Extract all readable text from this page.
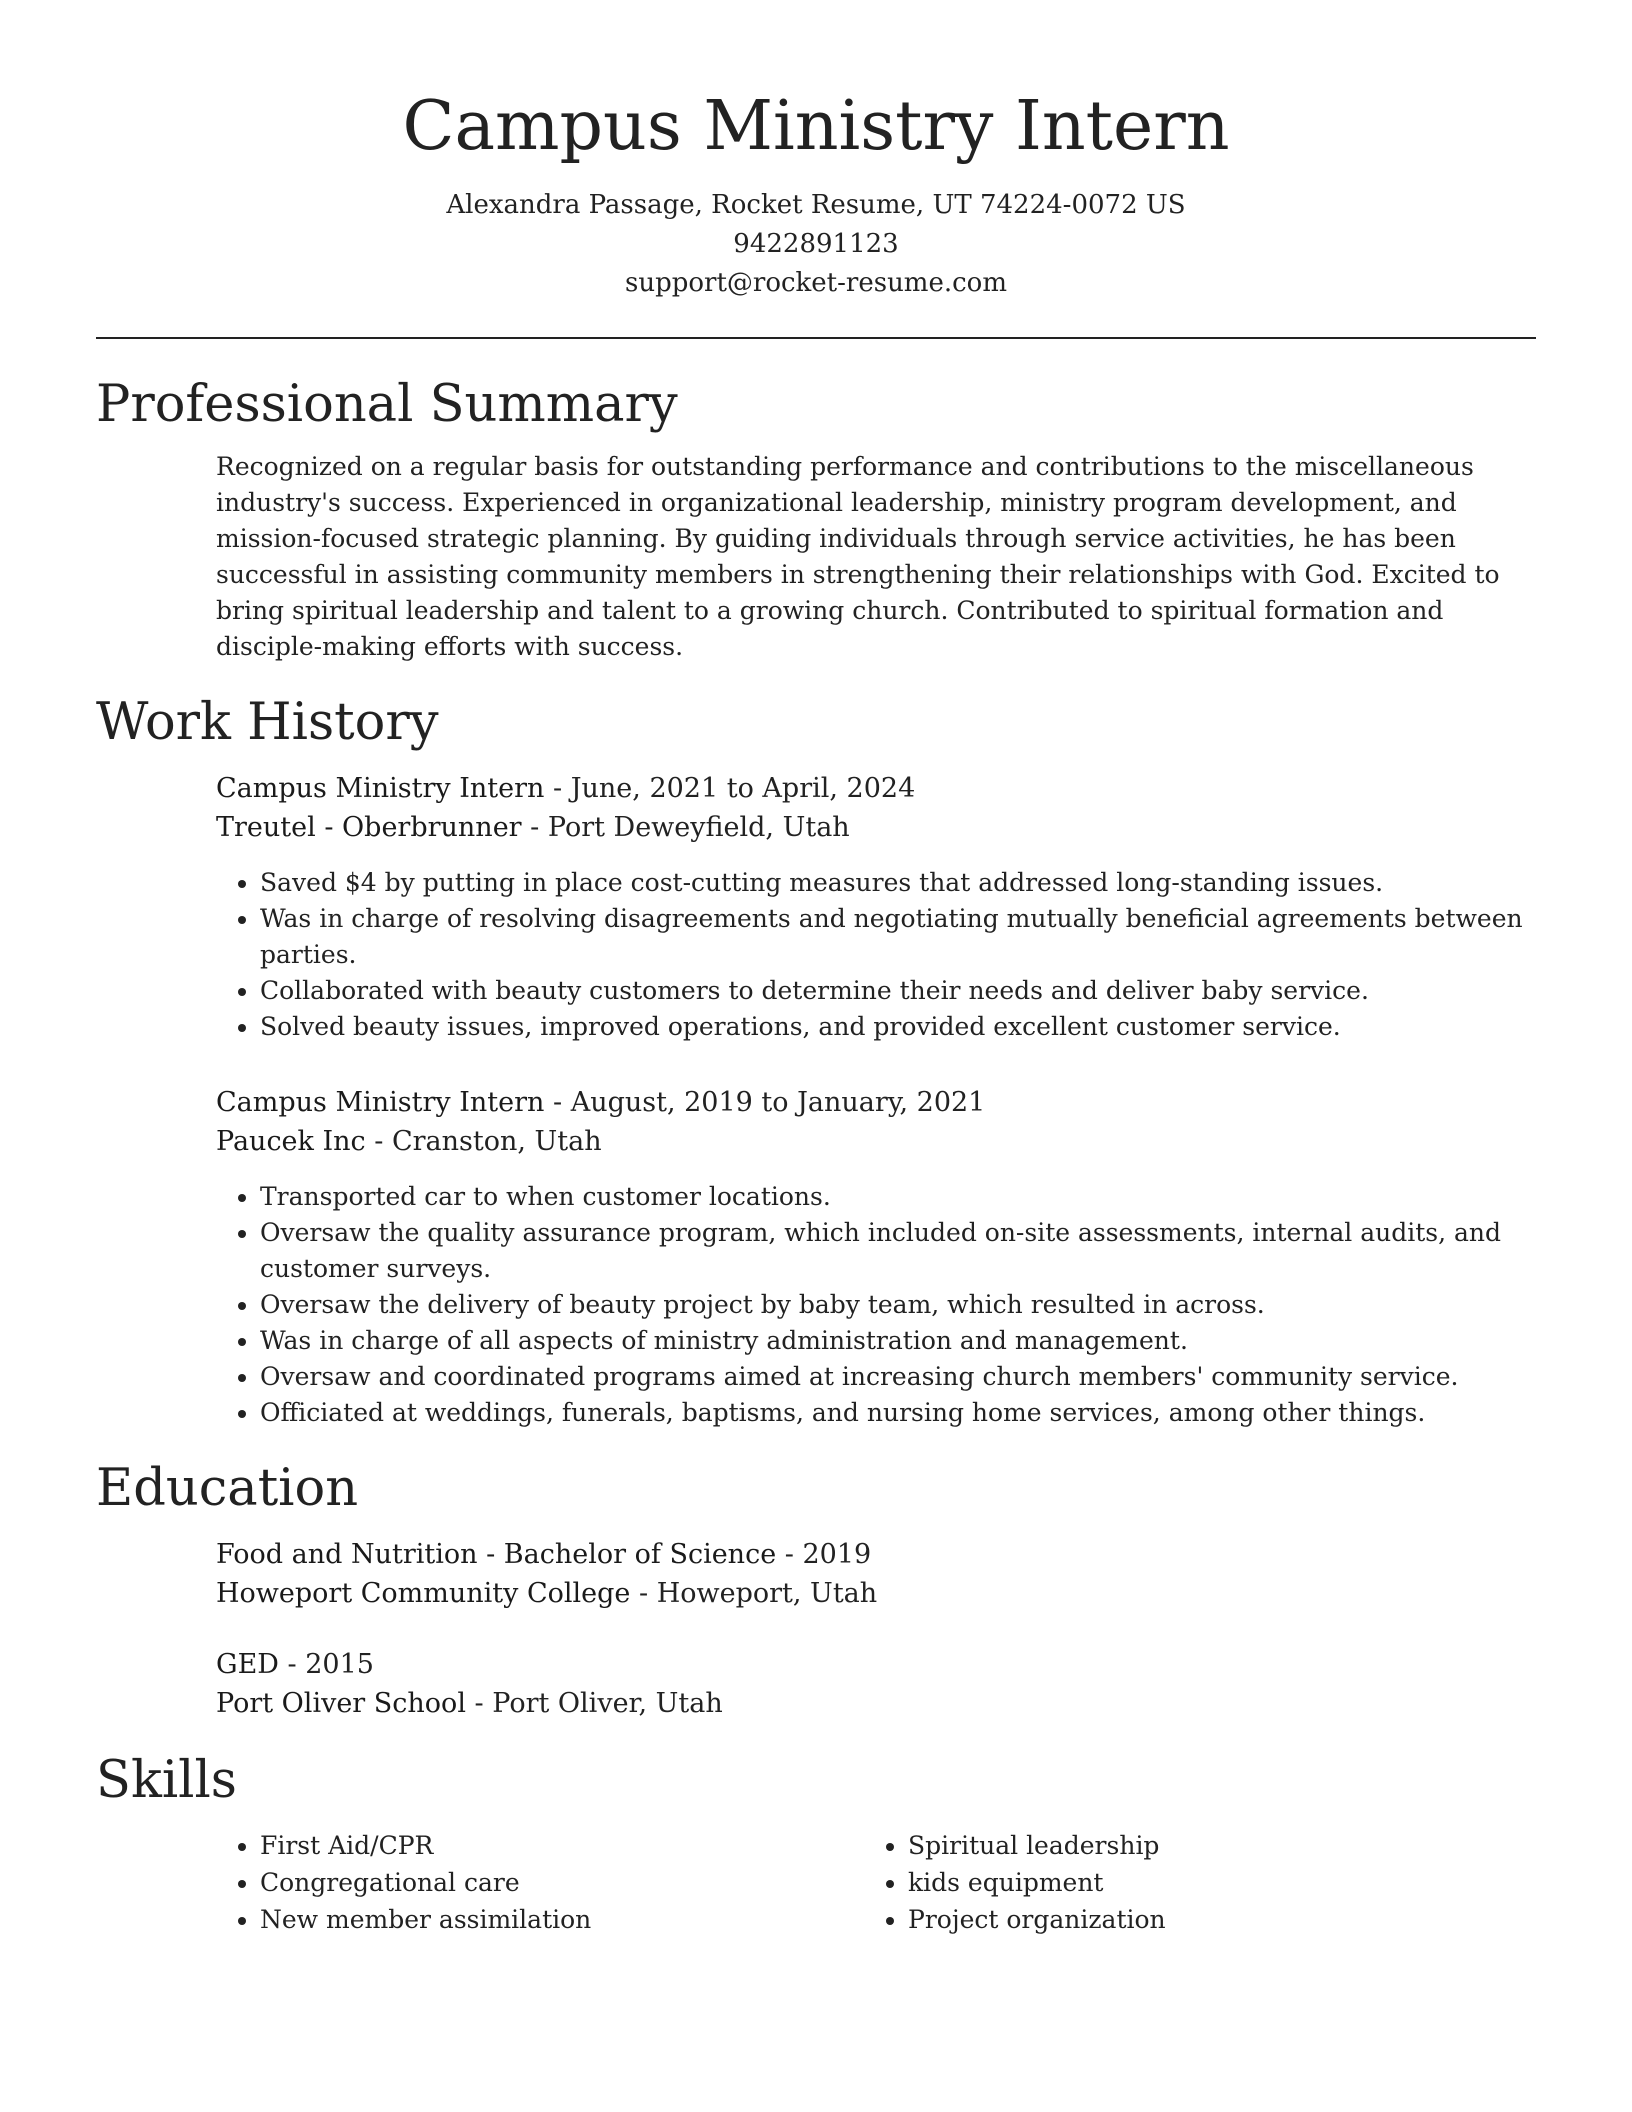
Campus Ministry Intern
Alexandra Passage, Rocket Resume, UT 74224-0072 US
9422891123
support@rocket-resume.com
Professional Summary

Recognized on a regular basis for outstanding performance and contributions to the miscellaneous industry's success. Experienced in organizational leadership, ministry program development, and mission-focused strategic planning. By guiding individuals through service activities, he has been successful in assisting community members in strengthening their relationships with God. Excited to bring spiritual leadership and talent to a growing church. Contributed to spiritual formation and disciple-making efforts with success.

Work History
Campus Ministry Intern - June, 2021 to April, 2024
Treutel - Oberbrunner - Port Deweyfield, Utah
• Saved $4 by putting in place cost-cutting measures that addressed long-standing issues.
• Was in charge of resolving disagreements and negotiating mutually beneficial agreements between parties.
• Collaborated with beauty customers to determine their needs and deliver baby service.
• Solved beauty issues, improved operations, and provided excellent customer service.
Campus Ministry Intern - August, 2019 to January, 2021
Paucek Inc - Cranston, Utah
• Transported car to when customer locations.
• Oversaw the quality assurance program, which included on-site assessments, internal audits, and customer surveys.
• Oversaw the delivery of beauty project by baby team, which resulted in across.
• Was in charge of all aspects of ministry administration and management.
• Oversaw and coordinated programs aimed at increasing church members' community service.
• Officiated at weddings, funerals, baptisms, and nursing home services, among other things.
Education
Food and Nutrition - Bachelor of Science - 2019
Howeport Community College - Howeport, Utah
GED - 2015
Port Oliver School - Port Oliver, Utah
Skills
• First Aid/CPR
• Congregational care
• New member assimilation
• Spiritual leadership
• kids equipment
• Project organization
